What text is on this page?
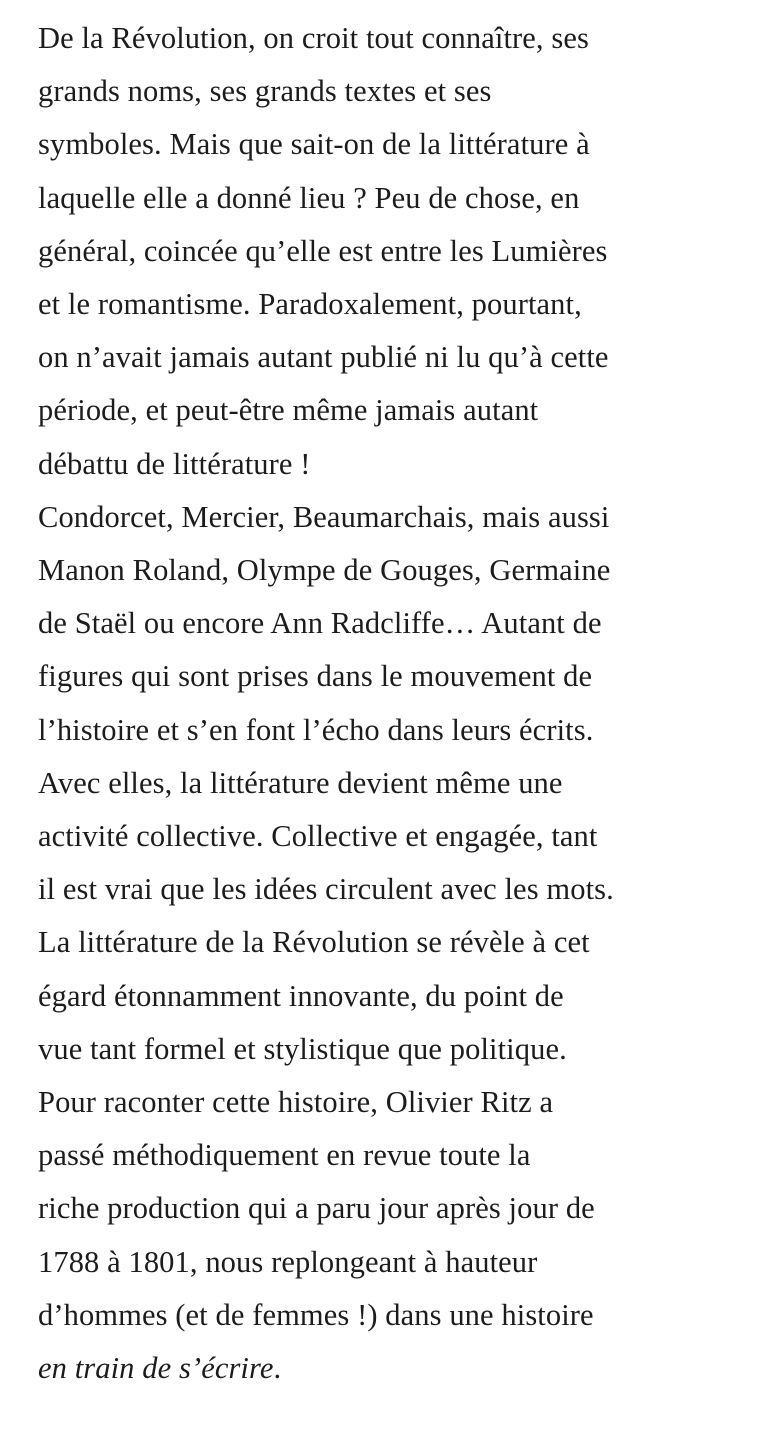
De la Révolution, on croit tout connaître, ses
grands noms, ses grands textes et ses
symboles. Mais que sait-on de la littérature à
laquelle elle a donné lieu ? Peu de chose, en
général, coincée qu’elle est entre les Lumières
et le romantisme. Paradoxalement, pourtant,
on n’avait jamais autant publié ni lu qu’à cette
période, et peut-être même jamais autant
débattu de littérature !
Condorcet, Mercier, Beaumarchais, mais aussi
Manon Roland, Olympe de Gouges, Germaine
de Staël ou encore Ann Radcliffe… Autant de
figures qui sont prises dans le mouvement de
l’histoire et s’en font l’écho dans leurs écrits.
Avec elles, la littérature devient même une
activité collective. Collective et engagée, tant
il est vrai que les idées circulent avec les mots.
La littérature de la Révolution se révèle à cet
égard étonnamment innovante, du point de
vue tant formel et stylistique que politique.
Pour raconter cette histoire, Olivier Ritz a
passé méthodiquement en revue toute la
riche production qui a paru jour après jour de
1788 à 1801, nous replongeant à hauteur
d’hommes (et de femmes !) dans une histoire
en train de s’écrire.
